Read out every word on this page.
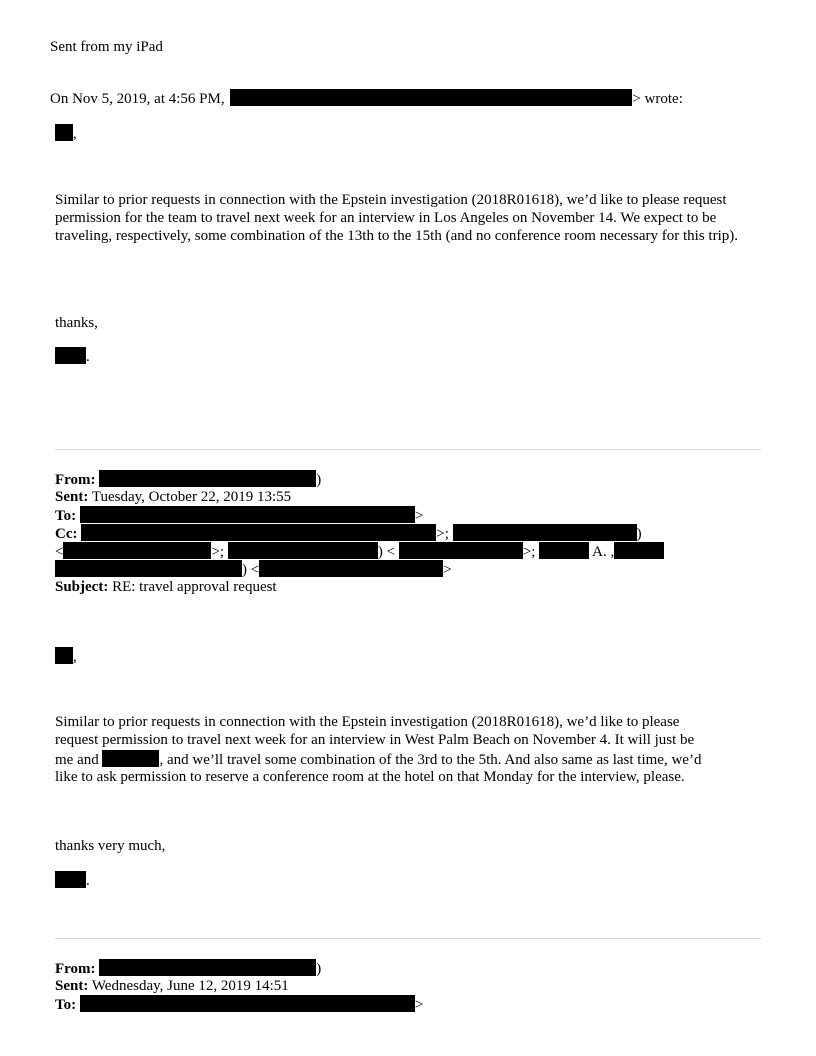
Sent from my iPad
On Nov 5, 2019, at 4:56 PM,	> wrote:
,
Similar to prior requests in connection with the Epstein investigation (2018R01618), we’d like to please request permission for the team to travel next week for an interview in Los Angeles on November 14. We expect to be traveling, respectively, some combination of the 13th to the 15th (and no conference room necessary for this trip).
thanks,
.
From:	)
Sent: Tuesday, October 22, 2019 13:55
To:	>
Cc:	>;	)
<	>;	) <	>;	A. ,
) <	>
Subject: RE: travel approval request
,
Similar to prior requests in connection with the Epstein investigation (2018R01618), we’d like to please
request permission to travel next week for an interview in West Palm Beach on November 4. It will just be
me and	, and we’ll travel some combination of the 3rd to the 5th. And also same as last time, we’d
like to ask permission to reserve a conference room at the hotel on that Monday for the interview, please.
thanks very much,
.
From:	)
Sent: Wednesday, June 12, 2019 14:51
To:	>
